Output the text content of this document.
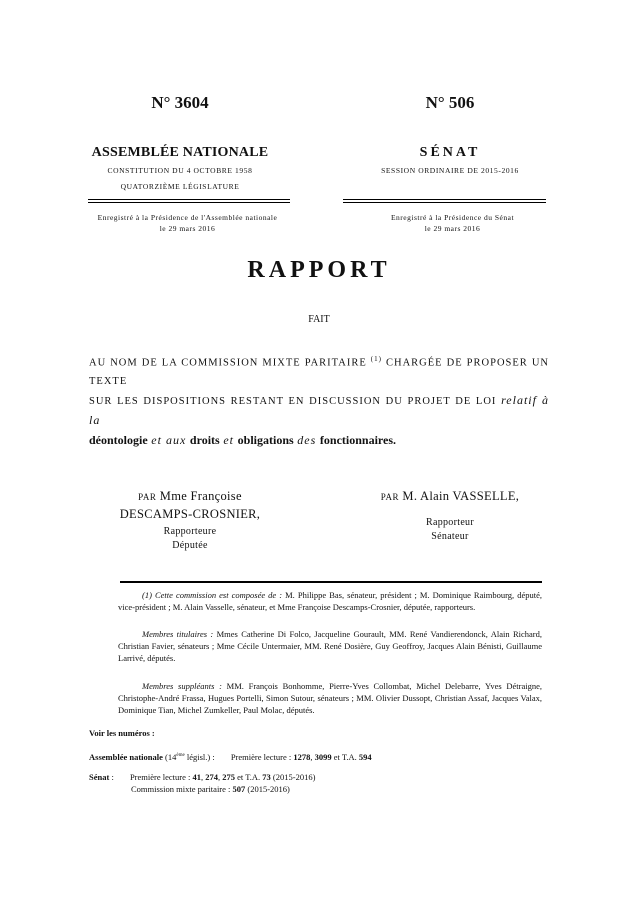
N° 3604
ASSEMBLÉE NATIONALE
CONSTITUTION DU 4 OCTOBRE 1958
QUATORZIÈME LÉGISLATURE
N° 506
SÉNAT
SESSION ORDINAIRE DE 2015-2016
Enregistré à la Présidence de l'Assemblée nationale
le 29 mars 2016
Enregistré à la Présidence du Sénat
le 29 mars 2016
RAPPORT
FAIT
AU NOM DE LA COMMISSION MIXTE PARITAIRE $^{(1)}$ CHARGÉE DE PROPOSER UN TEXTE
SUR LES DISPOSITIONS RESTANT EN DISCUSSION DU PROJET DE LOI relatif à la
déontologie et aux droits et obligations des fonctionnaires.
PAR Mme Françoise
DESCAMPS-CROSNIER,
Rapporteure
Députée
PAR M. Alain VASSELLE,
Rapporteur
Sénateur
(1) Cette commission est composée de : M. Philippe Bas, sénateur, président ; M. Dominique Raimbourg, député, vice-président ; M. Alain Vasselle, sénateur, et Mme Françoise Descamps-Crosnier, députée, rapporteurs.
Membres titulaires : Mmes Catherine Di Folco, Jacqueline Gourault, MM. René Vandierendonck, Alain Richard, Christian Favier, sénateurs ; Mme Cécile Untermaier, MM. René Dosière, Guy Geoffroy, Jacques Alain Bénisti, Guillaume Larrivé, députés.
Membres suppléants : MM. François Bonhomme, Pierre-Yves Collombat, Michel Delebarre, Yves Détraigne, Christophe-André Frassa, Hugues Portelli, Simon Sutour, sénateurs ; MM. Olivier Dussopt, Christian Assaf, Jacques Valax, Dominique Tian, Michel Zumkeller, Paul Molac, députés.
Voir les numéros :
Assemblée nationale (14ème législ.) : Première lecture : 1278, 3099 et T.A. 594
Sénat : Première lecture : 41, 274, 275 et T.A. 73 (2015-2016)
Commission mixte paritaire : 507 (2015-2016)
